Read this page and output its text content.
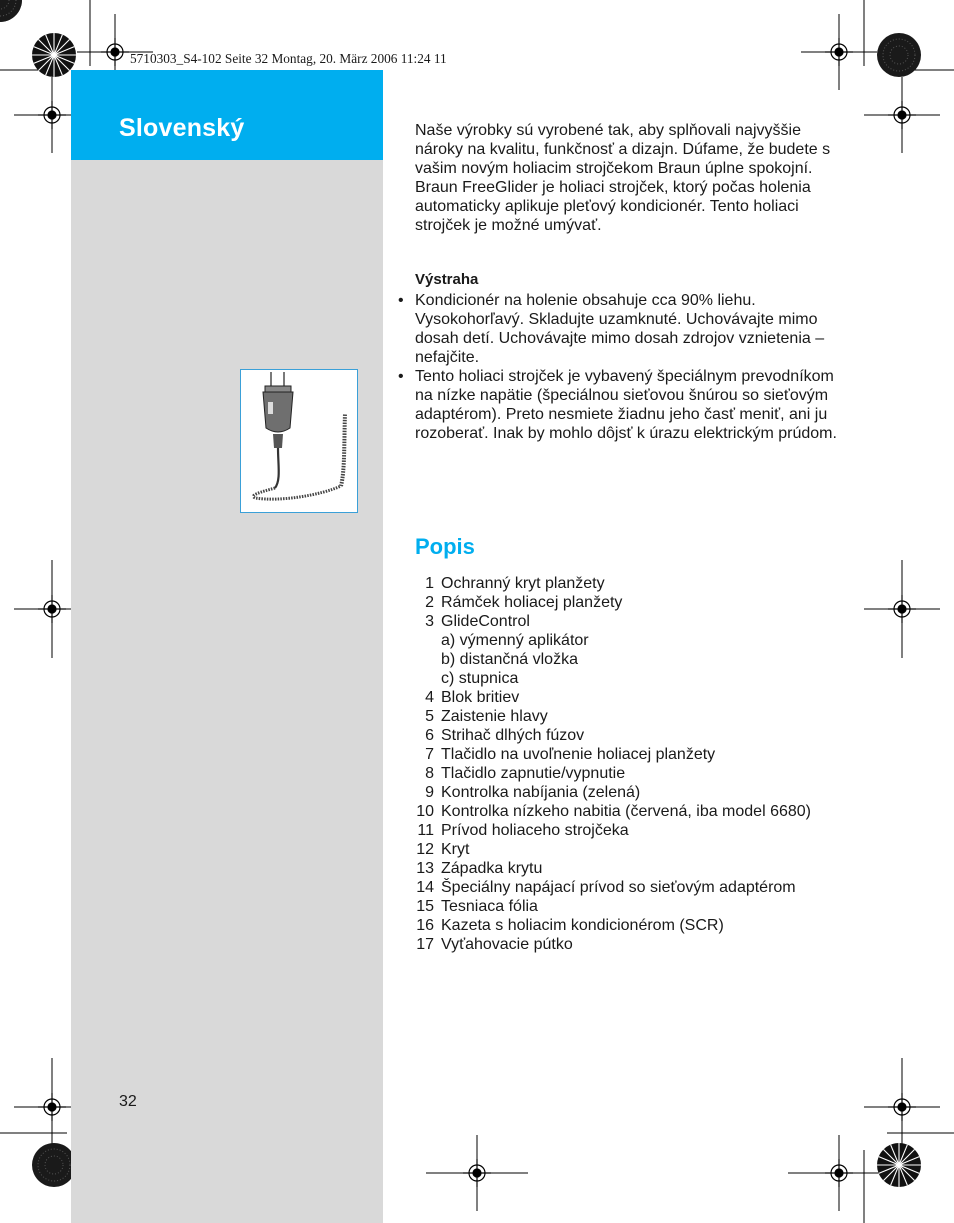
5710303_S4-102 Seite 32 Montag, 20. März 2006 11:24 11
Slovenský	Naše výrobky sú vyrobené tak, aby splňovali najvyššie nároky na kvalitu, funkčnosť a dizajn. Dúfame, že budete s vašim novým holiacim strojčekom Braun úplne spokojní.

Braun FreeGlider je holiaci strojček, ktorý počas holenia automaticky aplikuje pleťový kondicionér. Tento holiaci strojček je možné umývať.

Výstraha
• Kondicionér na holenie obsahuje cca 90% liehu. Vysokohorľavý. Skladujte uzamknuté. Uchovávajte mimo dosah detí. Uchovávajte mimo dosah zdrojov vznietenia – nefajčite.
• Tento holiaci strojček je vybavený špeciálnym prevodníkom na nízke napätie (špeciálnou sieťovou šnúrou so sieťovým adaptérom). Preto nesmiete žiadnu jeho časť meniť, ani ju rozoberať. Inak by mohlo dôjsť k úrazu elektrickým prúdom.
Popis
1 Ochranný kryt planžety
2 Rámček holiacej planžety
3 GlideControl
a) výmenný aplikátor
b) distančná vložka
c) stupnica
4 Blok britiev
5 Zaistenie hlavy
6 Strihač dlhých fúzov
7 Tlačidlo na uvoľnenie holiacej planžety
8 Tlačidlo zapnutie/vypnutie
9 Kontrolka nabíjania (zelená)
10 Kontrolka nízkeho nabitia (červená, iba model 6680)
11 Prívod holiaceho strojčeka
12 Kryt
13 Západka krytu
14 Špeciálny napájací prívod so sieťovým adaptérom
15 Tesniaca fólia
16 Kazeta s holiacim kondicionérom (SCR)
17 Vyťahovacie pútko
32
